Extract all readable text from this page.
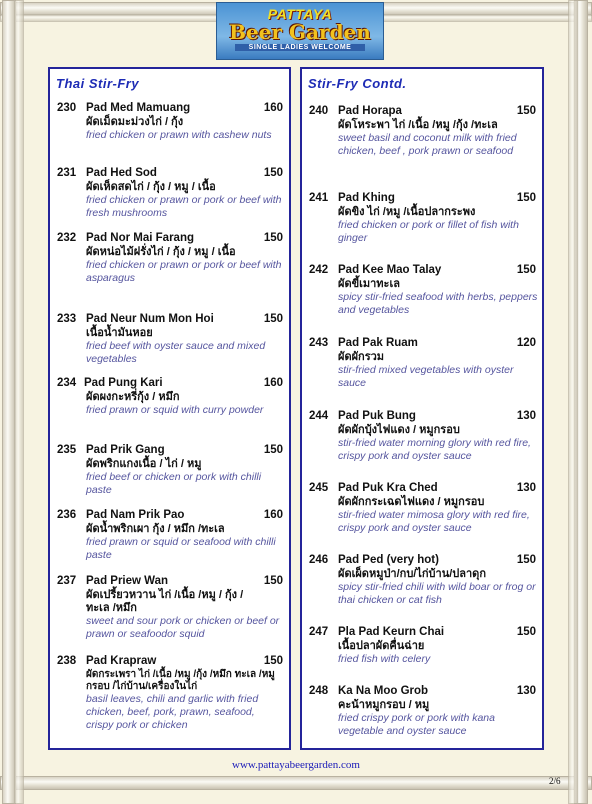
PATTAYA
Beer Garden
SINGLE LADIES WELCOME
Thai Stir-Fry
230 Pad Med Mamuang	160
ผัดเม็ดมะม่วงไก่ / กุ้ง
fried chicken or prawn with cashew nuts
231 Pad Hed Sod	150
ผัดเห็ดสดไก่ / กุ้ง / หมู / เนื้อ
fried chicken or prawn or pork or beef with fresh mushrooms
232 Pad Nor Mai Farang	150
ผัดหน่อไม้ฝรั่งไก่ / กุ้ง / หมู / เนื้อ
fried chicken or prawn or pork or beef with asparagus
233 Pad Neur Num Mon Hoi	150
เนื้อน้ำมันหอย
fried beef with oyster sauce and mixed vegetables
234 Pad Pung Kari	160
ผัดผงกะหรี่กุ้ง / หมึก
fried prawn or squid with curry powder
235 Pad Prik Gang	150
ผัดพริกแกงเนื้อ / ไก่ / หมู
fried beef or chicken or pork with chilli paste
236 Pad Nam Prik Pao	160
ผัดน้ำพริกเผา กุ้ง / หมึก /ทะเล
fried prawn or squid or seafood with chilli paste
237 Pad Priew Wan	150
ผัดเปรี้ยวหวาน ไก่ /เนื้อ /หมู / กุ้ง /ทะเล /หมึก
sweet and sour pork or chicken or beef or prawn or seafoodor squid
238 Pad Krapraw	150
ผัดกระเพรา ไก่ /เนื้อ /หมู /กุ้ง /หมึก ทะเล /หมูกรอบ /ไก่บ้าน/เครื่องในไก่
basil leaves, chili and garlic with fried chicken, beef, pork, prawn, seafood, crispy pork or chicken
Stir-Fry Contd.
240 Pad Horapa	150
ผัดโหระพา ไก่ /เนื้อ /หมู /กุ้ง /ทะเล
sweet basil and coconut milk with fried chicken, beef , pork prawn or seafood
241 Pad Khing	150
ผัดขิง ไก่ /หมู /เนื้อปลากระพง
fried chicken or pork or fillet of fish with ginger
242 Pad Kee Mao Talay	150
ผัดขี้เมาทะเล
spicy stir-fried seafood with herbs, peppers and vegetables
243 Pad Pak Ruam	120
ผัดผักรวม
stir-fried mixed vegetables with oyster sauce
244 Pad Puk Bung	130
ผัดผักบุ้งไฟแดง / หมูกรอบ
stir-fried water morning glory with red fire, crispy pork and oyster sauce
245 Pad Puk Kra Ched	130
ผัดผักกระเฉดไฟแดง / หมูกรอบ
stir-fried water mimosa glory with red fire, crispy pork and oyster sauce
246 Pad Ped (very hot)	150
ผัดเผ็ดหมูป่า/กบ/ไก่บ้าน/ปลาดุก
spicy stir-fried chili with wild boar or frog or thai chicken or cat fish
247 Pla Pad Keurn Chai	150
เนื้อปลาผัดคื่นฉ่าย
fried fish with celery
248 Ka Na Moo Grob	130
คะน้าหมูกรอบ / หมู
fried crispy pork or pork with kana vegetable and oyster sauce
www.pattayabeergarden.com
2/6
